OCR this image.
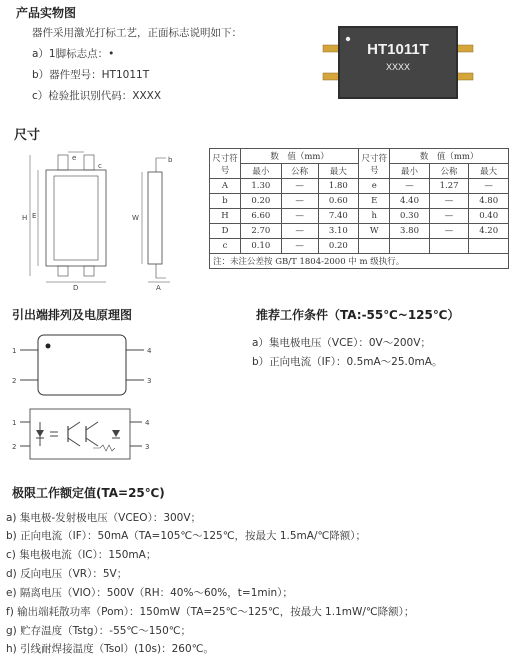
产品实物图
器件采用激光打标工艺，正面标志说明如下：
a）1脚标志点：•
b）器件型号：HT1011T
c）检验批识别代码：XXXX
HT1011T
XXXX
尺寸
e
c
H E
D
b
W
A
尺寸符号	数　值（mm）			尺寸符号	数　值（mm）		
	最小	公称	最大		最小	公称	最大
A	1.30	—	1.80	e	—	1.27	—
b	0.20	—	0.60	E	4.40	—	4.80
H	6.60	—	7.40	h	0.30	—	0.40
D	2.70	—	3.10	W	3.80	—	4.20
c	0.10	—	0.20				
注：未注公差按 GB/T 1804-2000 中 m 级执行。							
引出端排列及电原理图
1
2	3
4
1
2	3
4
推荐工作条件（TA:-55℃~125℃）
a）集电极电压（VCE）：0V～200V；
b）正向电流（IF）：0.5mA～25.0mA。
极限工作额定值(TA=25℃)
a) 集电极-发射极电压（VCEO）：300V；
b) 正向电流（IF）：50mA（TA=105℃～125℃，按最大 1.5mA/℃降额）；
c) 集电极电流（IC）：150mA；
d) 反向电压（VR）：5V；
e) 隔离电压（VIO）：500V（RH：40%～60%，t=1min）；
f) 输出端耗散功率（Pom）：150mW（TA=25℃～125℃，按最大 1.1mW/℃降额）；
g) 贮存温度（Tstg）：-55℃～150℃；
h) 引线耐焊接温度（Tsol）(10s)：260℃。
